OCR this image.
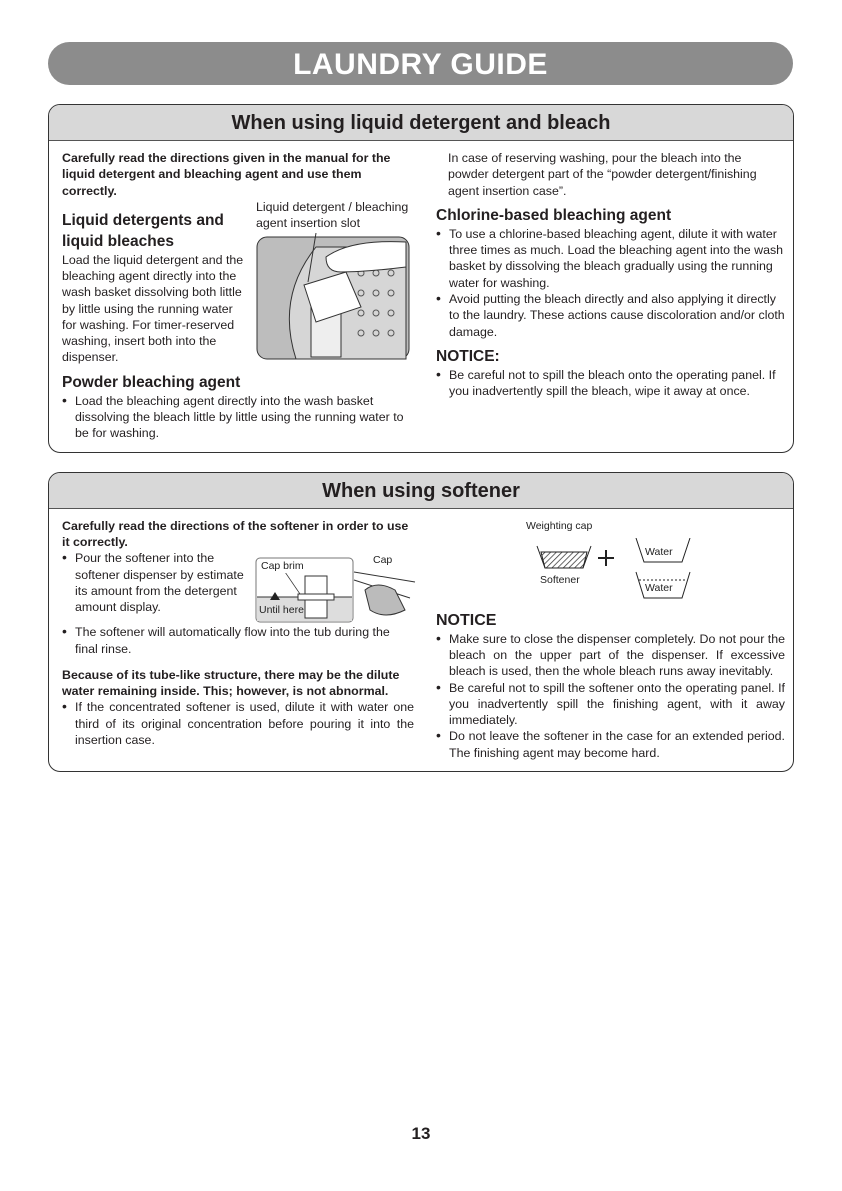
LAUNDRY GUIDE
When using liquid detergent and bleach
Carefully read the directions given in the manual for the liquid detergent and bleaching agent and use them correctly.
Liquid detergents and liquid bleaches
Load the liquid detergent and the bleaching agent directly into the wash basket dissolving both little by little using the running water for washing. For timer-reserved washing, insert both into the dispenser.
Liquid detergent / bleaching agent insertion slot
Powder bleaching agent
• Load the bleaching agent directly into the wash basket dissolving the bleach little by little using the running water to be for washing.
In case of reserving washing, pour the bleach into the powder detergent part of the “powder detergent/finishing agent insertion case”.
Chlorine-based bleaching agent
• To use a chlorine-based bleaching agent, dilute it with water three times as much. Load the bleaching agent into the wash basket by dissolving the bleach gradually using the running water for washing.
• Avoid putting the bleach directly and also applying it directly to the laundry. These actions cause discoloration and/or cloth damage.
NOTICE:
• Be careful not to spill the bleach onto the operating panel. If you inadvertently spill the bleach, wipe it away at once.
When using softener
Carefully read the directions of the softener in order to use it correctly.
• Pour the softener into the softener dispenser by estimate its amount from the detergent amount display.
Cap brim	Cap
Until here
• The softener will automatically flow into the tub during the final rinse.
Because of its tube-like structure, there may be the dilute water remaining inside. This; however, is not abnormal.
• If the concentrated softener is used, dilute it with water one third of its original concentration before pouring it into the insertion case.
Weighting cap
Water
Water
Softener
NOTICE
• Make sure to close the dispenser completely. Do not pour the bleach on the upper part of the dispenser. If excessive bleach is used, then the whole bleach runs away inevitably.
• Be careful not to spill the softener onto the operating panel. If you inadvertently spill the finishing agent, with it away immediately.
• Do not leave the softener in the case for an extended period. The finishing agent may become hard.
13
